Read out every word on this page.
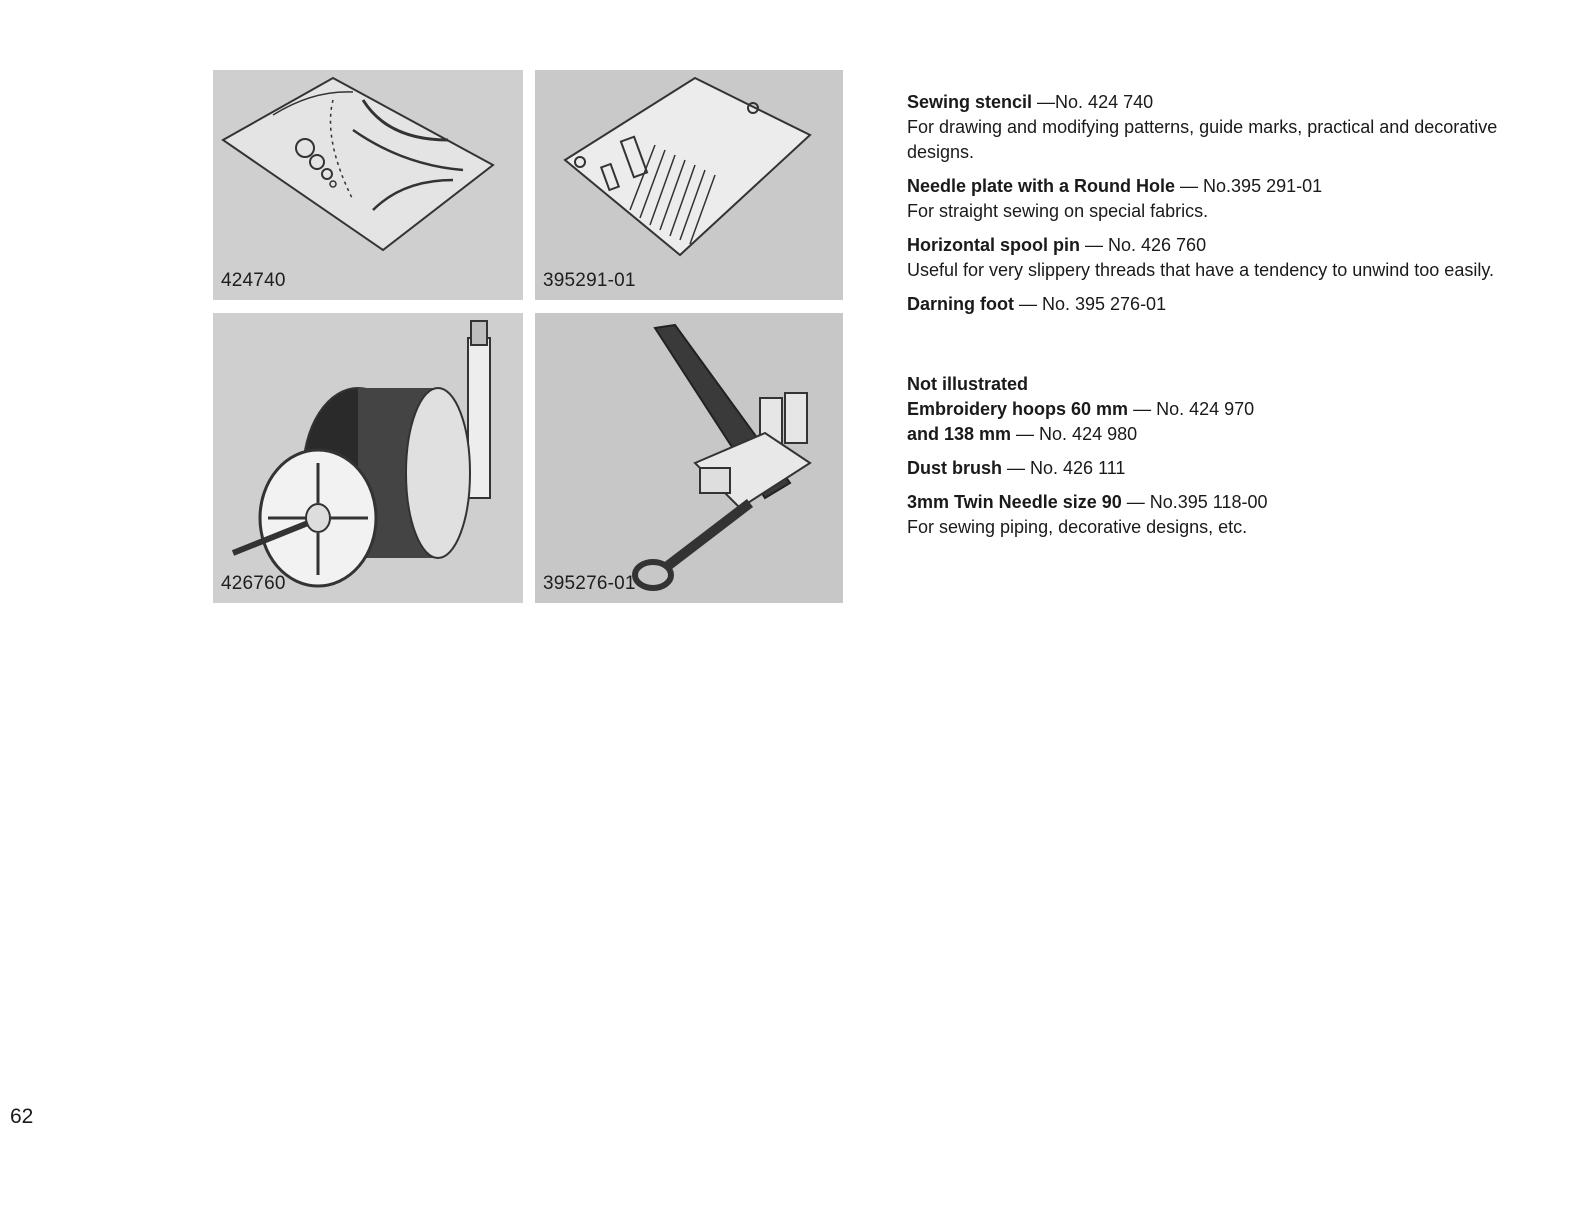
424740	395291-01
426760	395276-01
Sewing stencil —No. 424 740

For drawing and modifying patterns, guide marks, practical and decorative designs.

Needle plate with a Round Hole — No.395 291-01

For straight sewing on special fabrics.

Horizontal spool pin — No. 426 760

Useful for very slippery threads that have a tendency to unwind too easily.

Darning foot — No. 395 276-01
Not illustrated
Embroidery hoops 60 mm — No. 424 970
and 138 mm — No. 424 980
Dust brush — No. 426 111
3mm Twin Needle size 90 — No.395 118-00

For sewing piping, decorative designs, etc.

62
